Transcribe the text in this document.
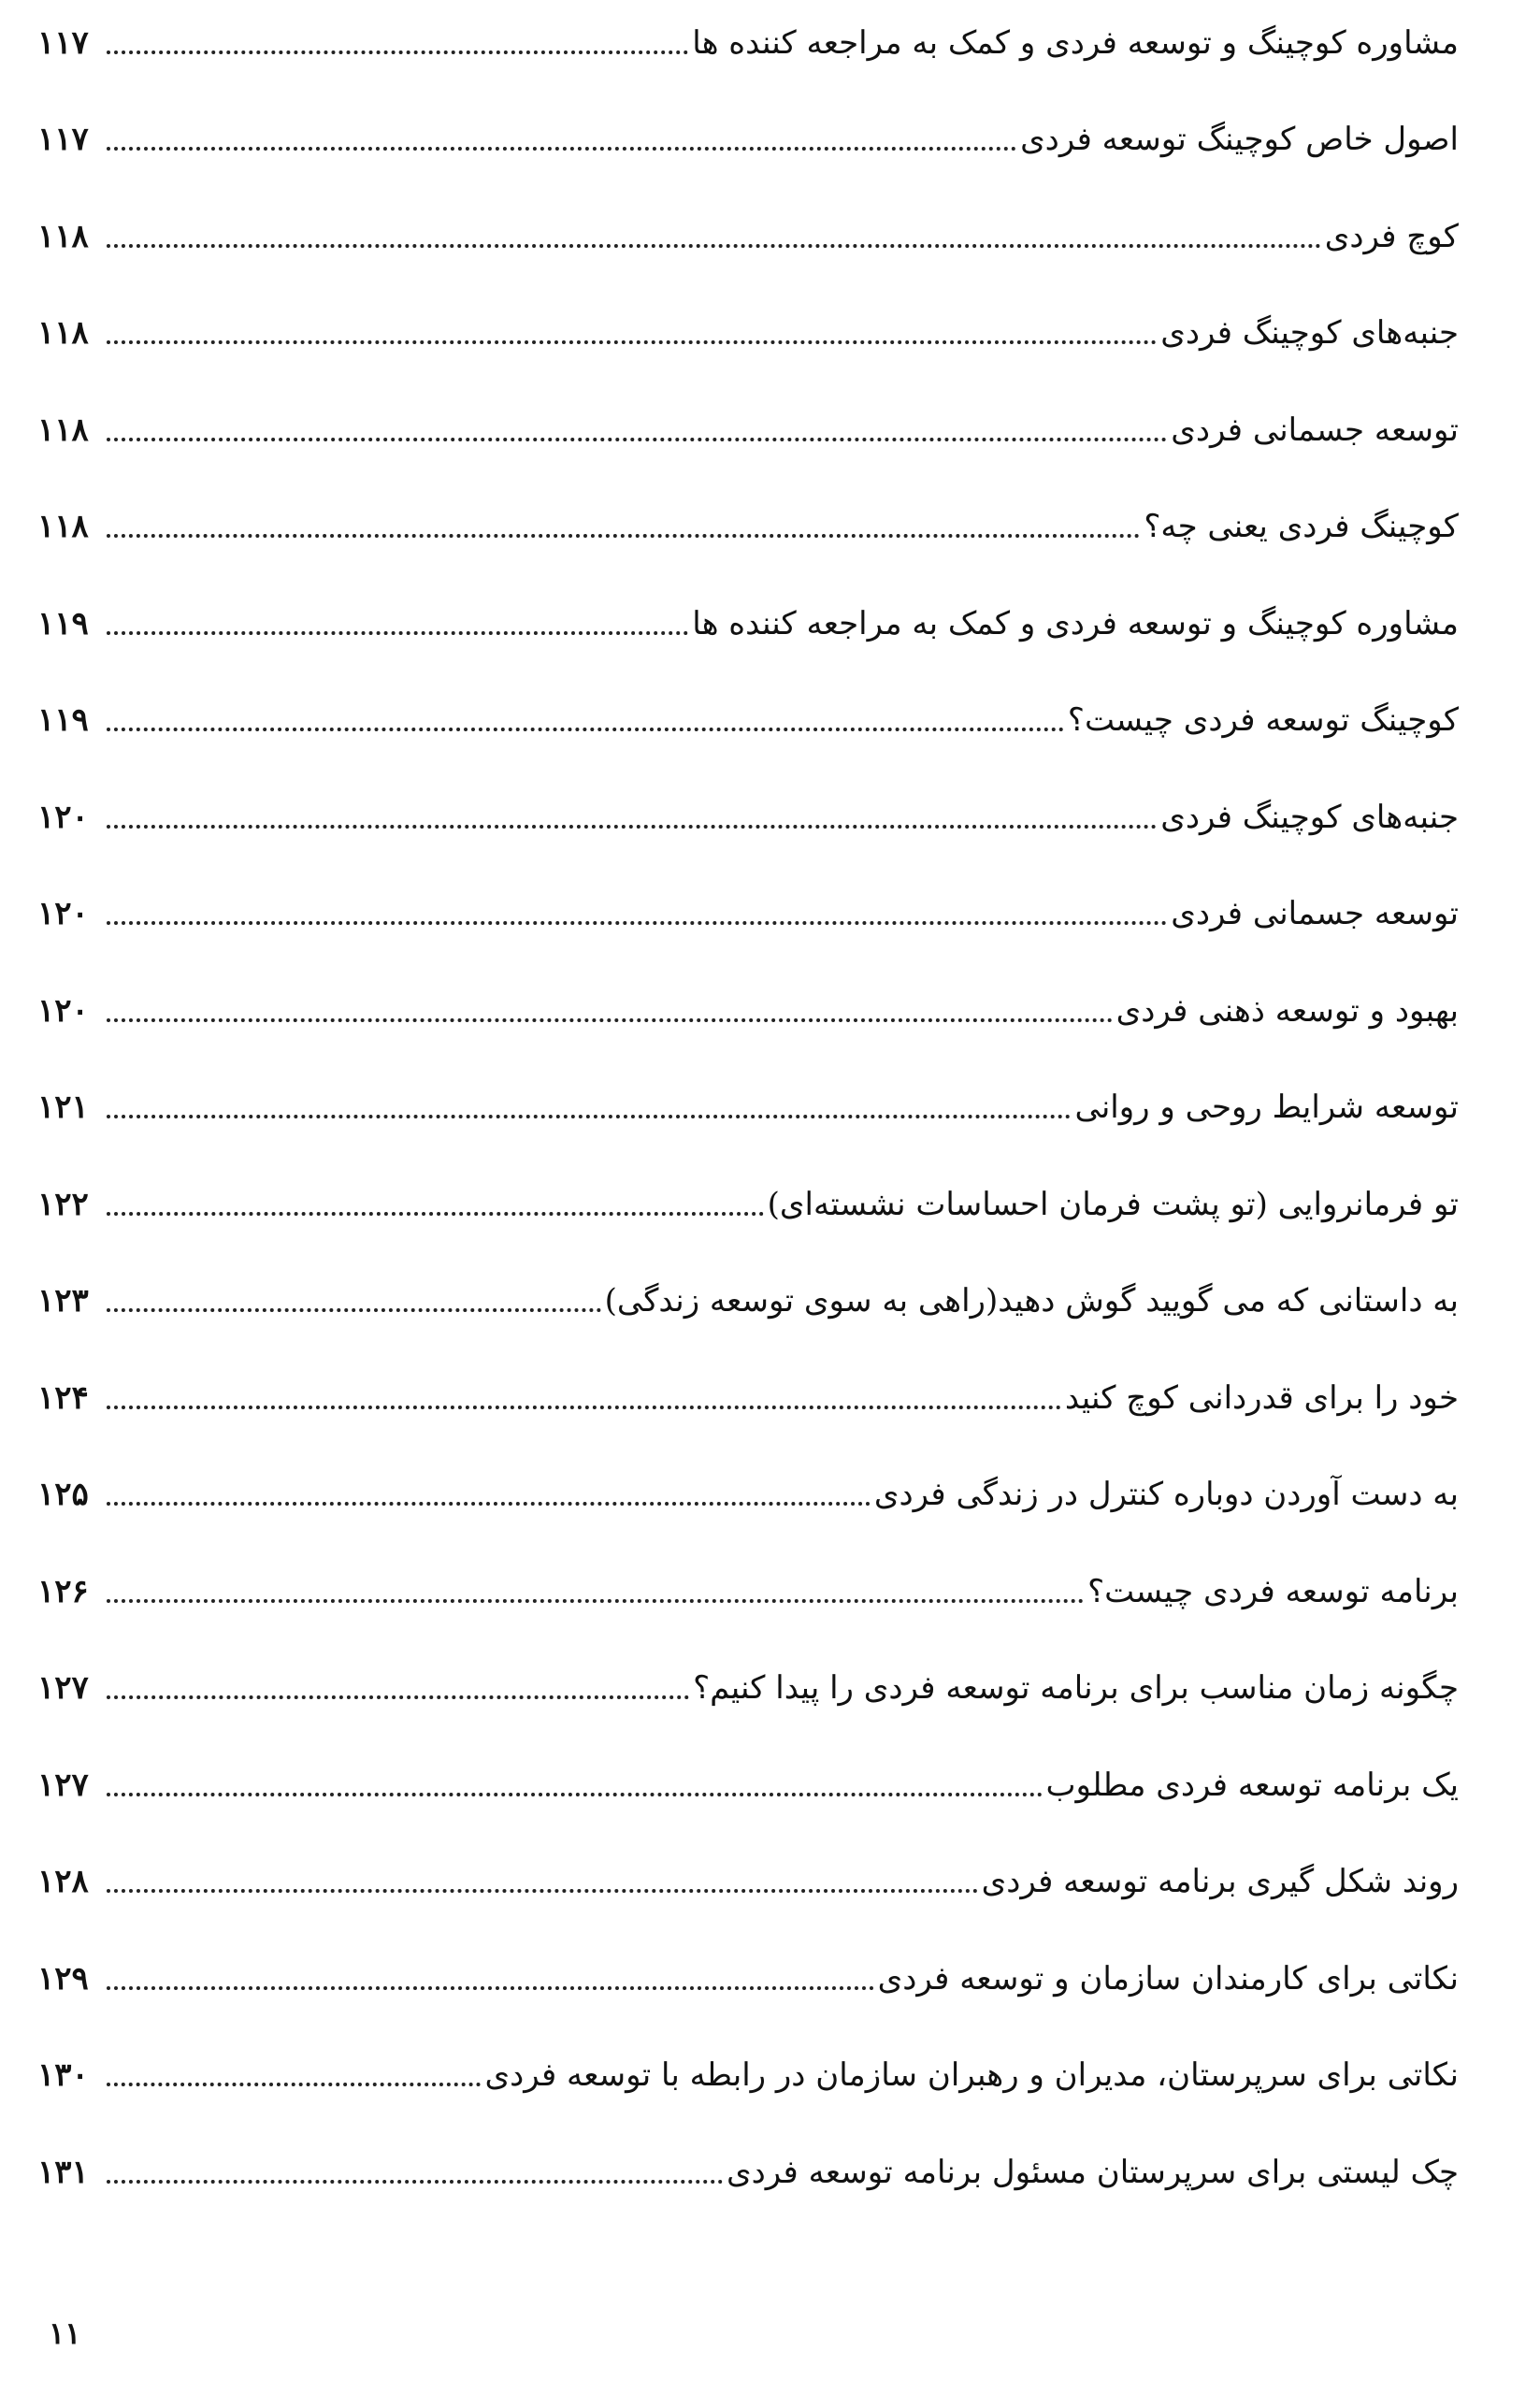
مشاوره کوچینگ و توسعه فردی و کمک به مراجعه کننده ها
۱۱۷
اصول خاص کوچینگ توسعه فردی
۱۱۷
کوچ فردی
۱۱۸
جنبه‌های کوچینگ فردی
۱۱۸
توسعه جسمانی فردی
۱۱۸
کوچینگ فردی یعنی چه؟
۱۱۸
مشاوره کوچینگ و توسعه فردی و کمک به مراجعه کننده ها
۱۱۹
کوچینگ توسعه فردی چیست؟
۱۱۹
جنبه‌های کوچینگ فردی
۱۲۰
توسعه جسمانی فردی
۱۲۰
بهبود و توسعه ذهنی فردی
۱۲۰
توسعه شرایط روحی و روانی
۱۲۱
تو فرمانروایی (تو پشت فرمان احساسات نشسته‌ای)
۱۲۲
به داستانی که می گویید گوش دهید(راهی به سوی توسعه زندگی)
۱۲۳
خود را برای قدردانی کوچ کنید
۱۲۴
به دست آوردن دوباره کنترل در زندگی فردی
۱۲۵
برنامه توسعه فردی چیست؟
۱۲۶
چگونه زمان مناسب برای برنامه توسعه فردی را پیدا کنیم؟
۱۲۷
یک برنامه توسعه فردی مطلوب
۱۲۷
روند شکل گیری برنامه توسعه فردی
۱۲۸
نکاتی برای کارمندان سازمان و توسعه فردی
۱۲۹
نکاتی برای سرپرستان، مدیران و رهبران سازمان در رابطه با توسعه فردی
۱۳۰
چک لیستی برای سرپرستان مسئول برنامه توسعه فردی
۱۳۱
۱۱
